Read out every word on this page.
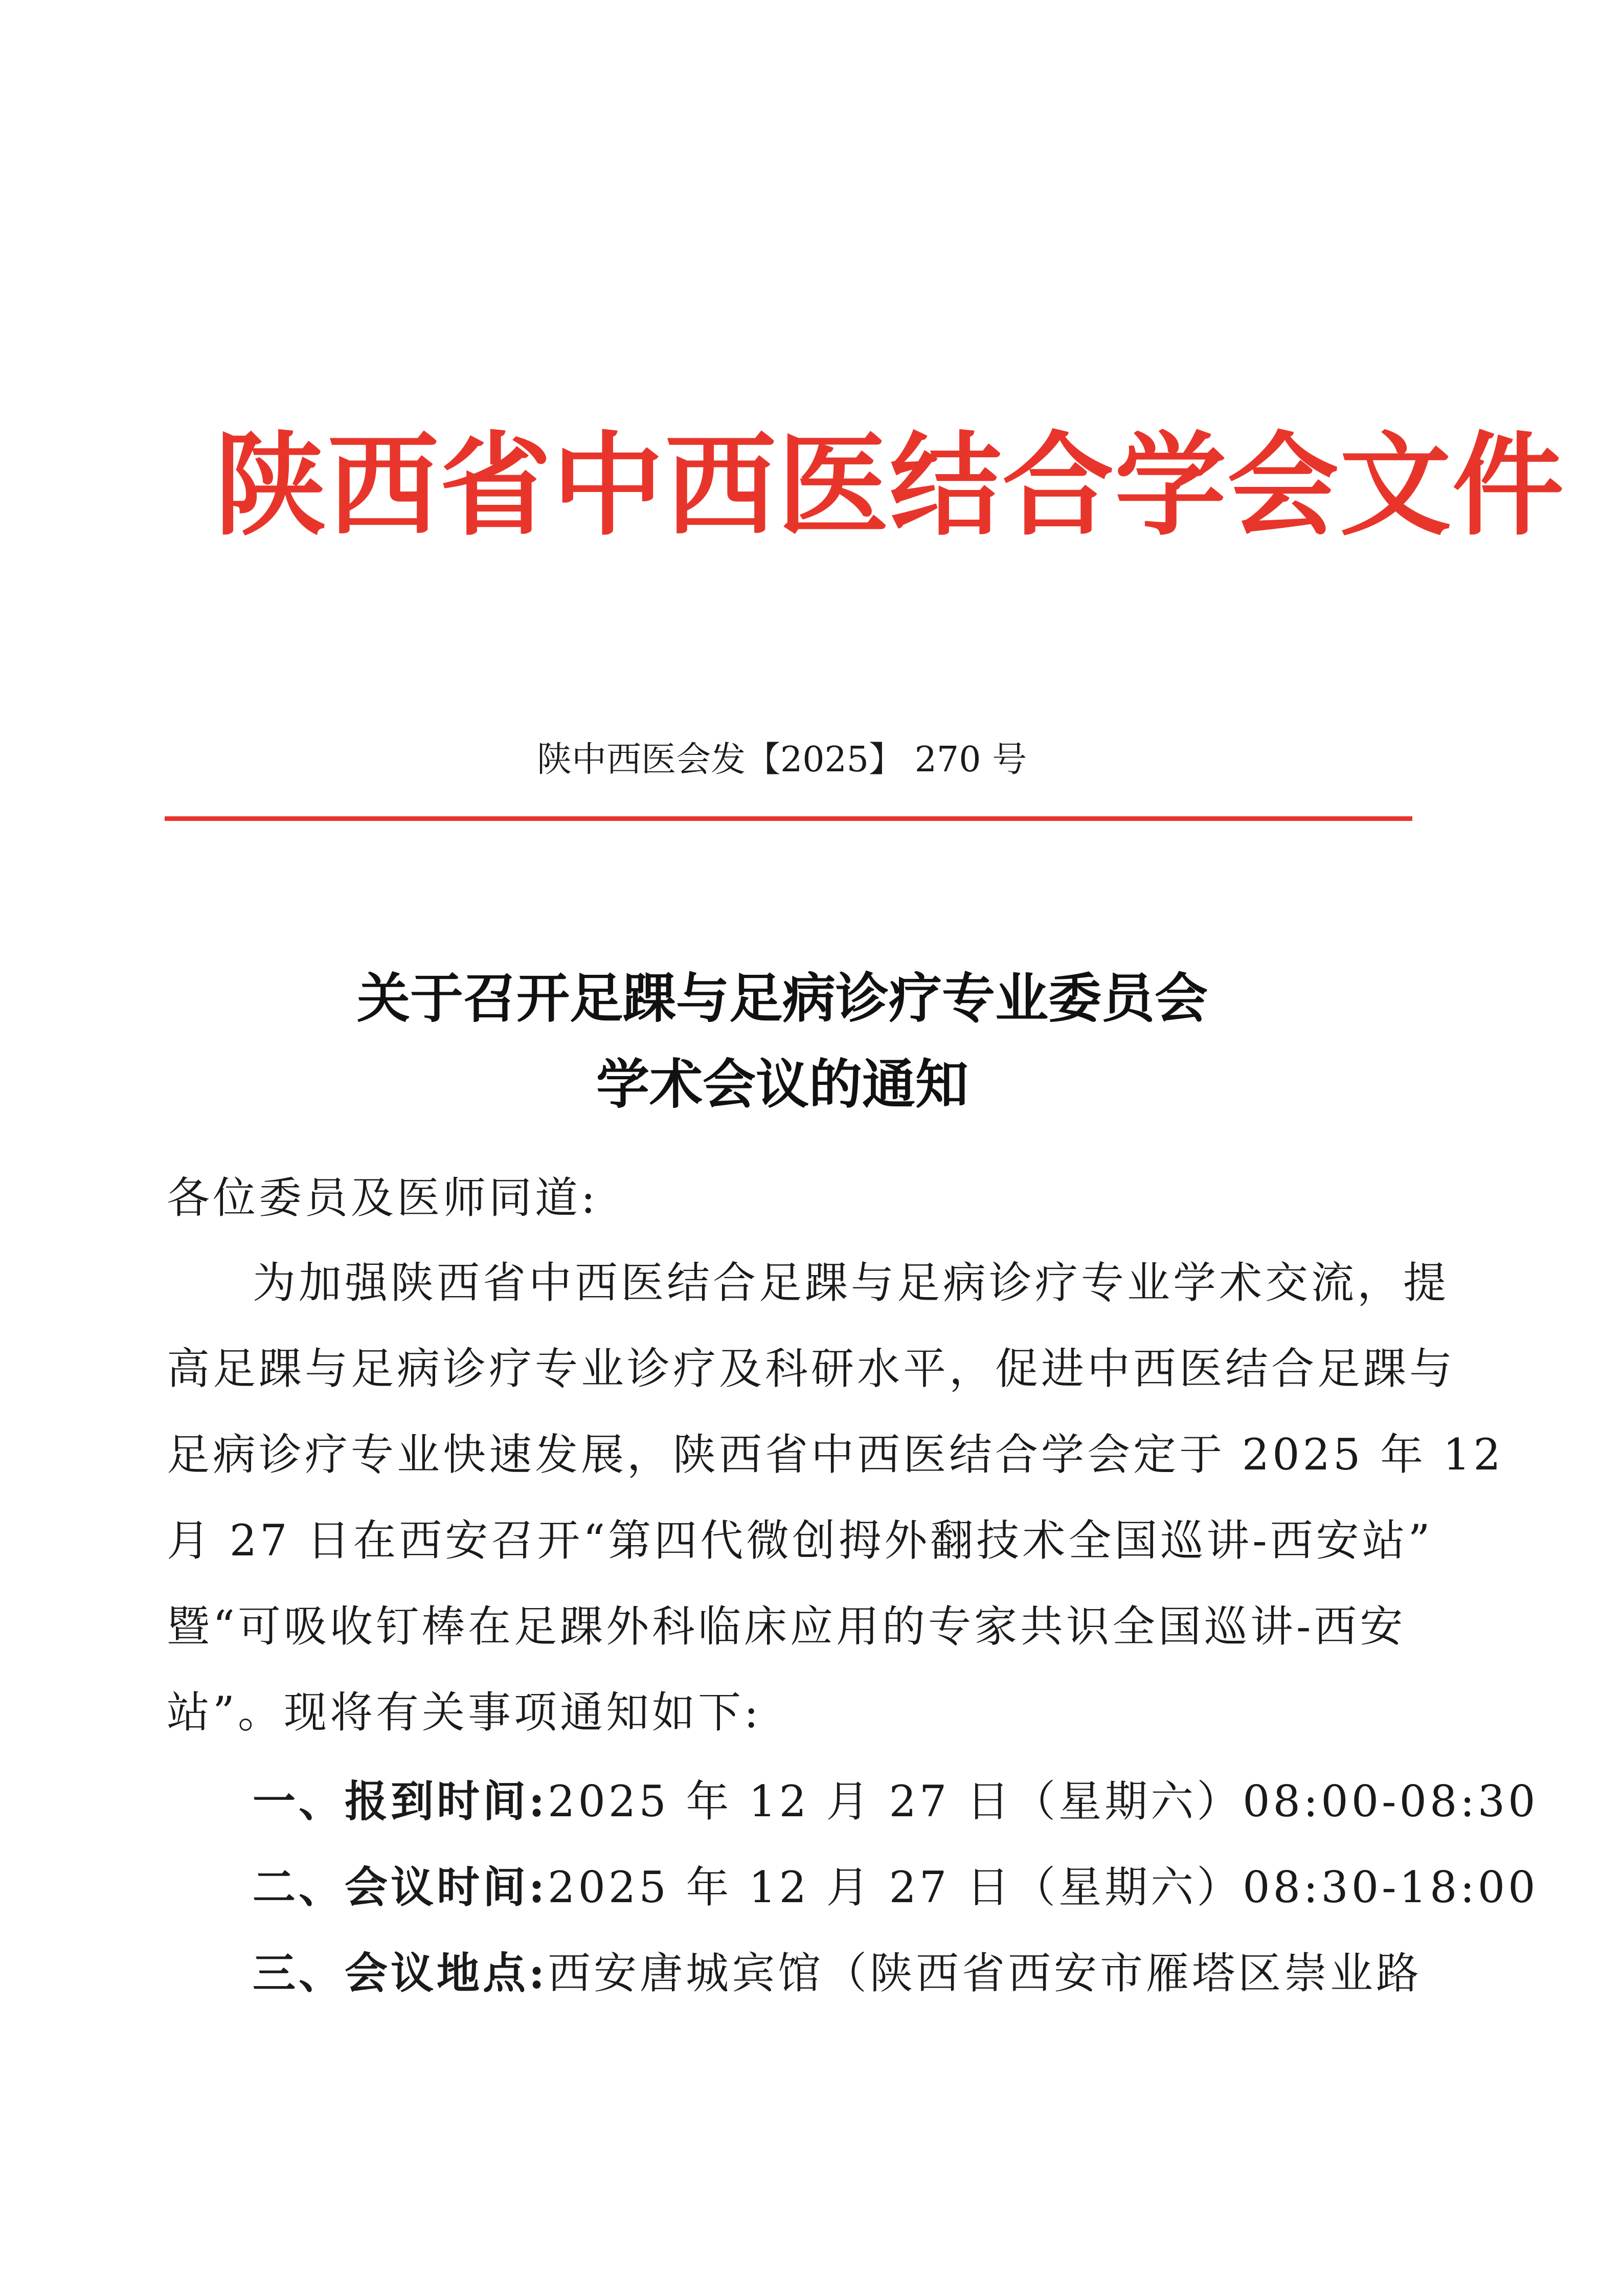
陕西省中西医结合学会文件
陕中西医会发【2025】 270 号
关于召开足踝与足病诊疗专业委员会
学术会议的通知
各位委员及医师同道:
为加强陕西省中西医结合足踝与足病诊疗专业学术交流，提
高足踝与足病诊疗专业诊疗及科研水平，促进中西医结合足踝与
足病诊疗专业快速发展，陕西省中西医结合学会定于 2025 年 12
月 27 日在西安召开“第四代微创拇外翻技术全国巡讲-西安站”
暨“可吸收钉棒在足踝外科临床应用的专家共识全国巡讲-西安
站”。现将有关事项通知如下:
一、报到时间:2025 年 12 月 27 日（星期六）08:00-08:30
二、会议时间:2025 年 12 月 27 日（星期六）08:30-18:00
三、会议地点:西安唐城宾馆（陕西省西安市雁塔区崇业路
